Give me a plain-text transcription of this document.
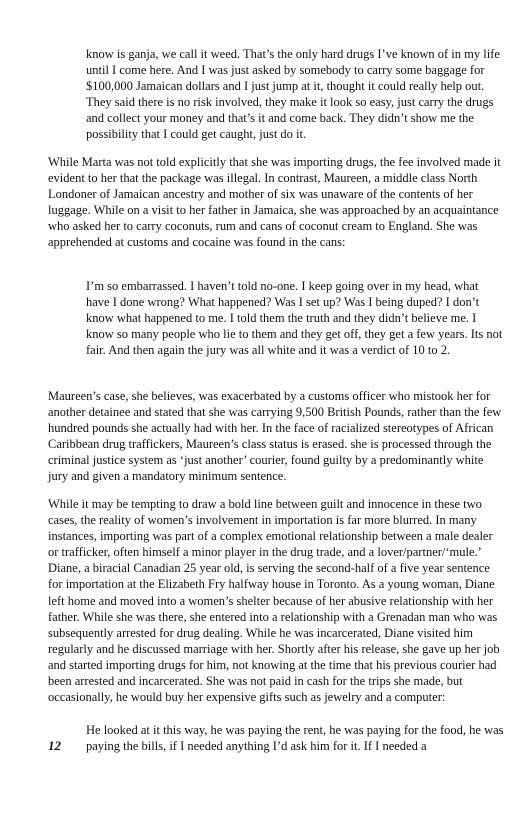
know is ganja, we call it weed. That’s the only hard drugs I’ve known of in my life until I come here. And I was just asked by somebody to carry some baggage for $100,000 Jamaican dollars and I just jump at it, thought it could really help out. They said there is no risk involved, they make it look so easy, just carry the drugs and collect your money and that’s it and come back. They didn’t show me the possibility that I could get caught, just do it.

While Marta was not told explicitly that she was importing drugs, the fee involved made it evident to her that the package was illegal. In contrast, Maureen, a middle class North Londoner of Jamaican ancestry and mother of six was unaware of the contents of her luggage. While on a visit to her father in Jamaica, she was approached by an acquaintance who asked her to carry coconuts, rum and cans of coconut cream to England. She was apprehended at customs and cocaine was found in the cans:

I’m so embarrassed. I haven’t told no-one. I keep going over in my head, what have I done wrong? What happened? Was I set up? Was I being duped? I don’t know what happened to me. I told them the truth and they didn’t believe me. I know so many people who lie to them and they get off, they get a few years. Its not fair. And then again the jury was all white and it was a verdict of 10 to 2.

Maureen’s case, she believes, was exacerbated by a customs officer who mistook her for another detainee and stated that she was carrying 9,500 British Pounds, rather than the few hundred pounds she actually had with her. In the face of racialized stereotypes of African Caribbean drug traffickers, Maureen’s class status is erased. she is processed through the criminal justice system as ‘just another’ courier, found guilty by a predominantly white jury and given a mandatory minimum sentence.

While it may be tempting to draw a bold line between guilt and innocence in these two cases, the reality of women’s involvement in importation is far more blurred. In many instances, importing was part of a complex emotional relationship between a male dealer or trafficker, often himself a minor player in the drug trade, and a lover/partner/‘mule.’ Diane, a biracial Canadian 25 year old, is serving the second-half of a five year sentence for importation at the Elizabeth Fry halfway house in Toronto. As a young woman, Diane left home and moved into a women’s shelter because of her abusive relationship with her father. While she was there, she entered into a relationship with a Grenadan man who was subsequently arrested for drug dealing. While he was incarcerated, Diane visited him regularly and he discussed marriage with her. Shortly after his release, she gave up her job and started importing drugs for him, not knowing at the time that his previous courier had been arrested and incarcerated. She was not paid in cash for the trips she made, but occasionally, he would buy her expensive gifts such as jewelry and a computer:

He looked at it this way, he was paying the rent, he was paying for the food, he was paying the bills, if I needed anything I’d ask him for it. If I needed a

12
